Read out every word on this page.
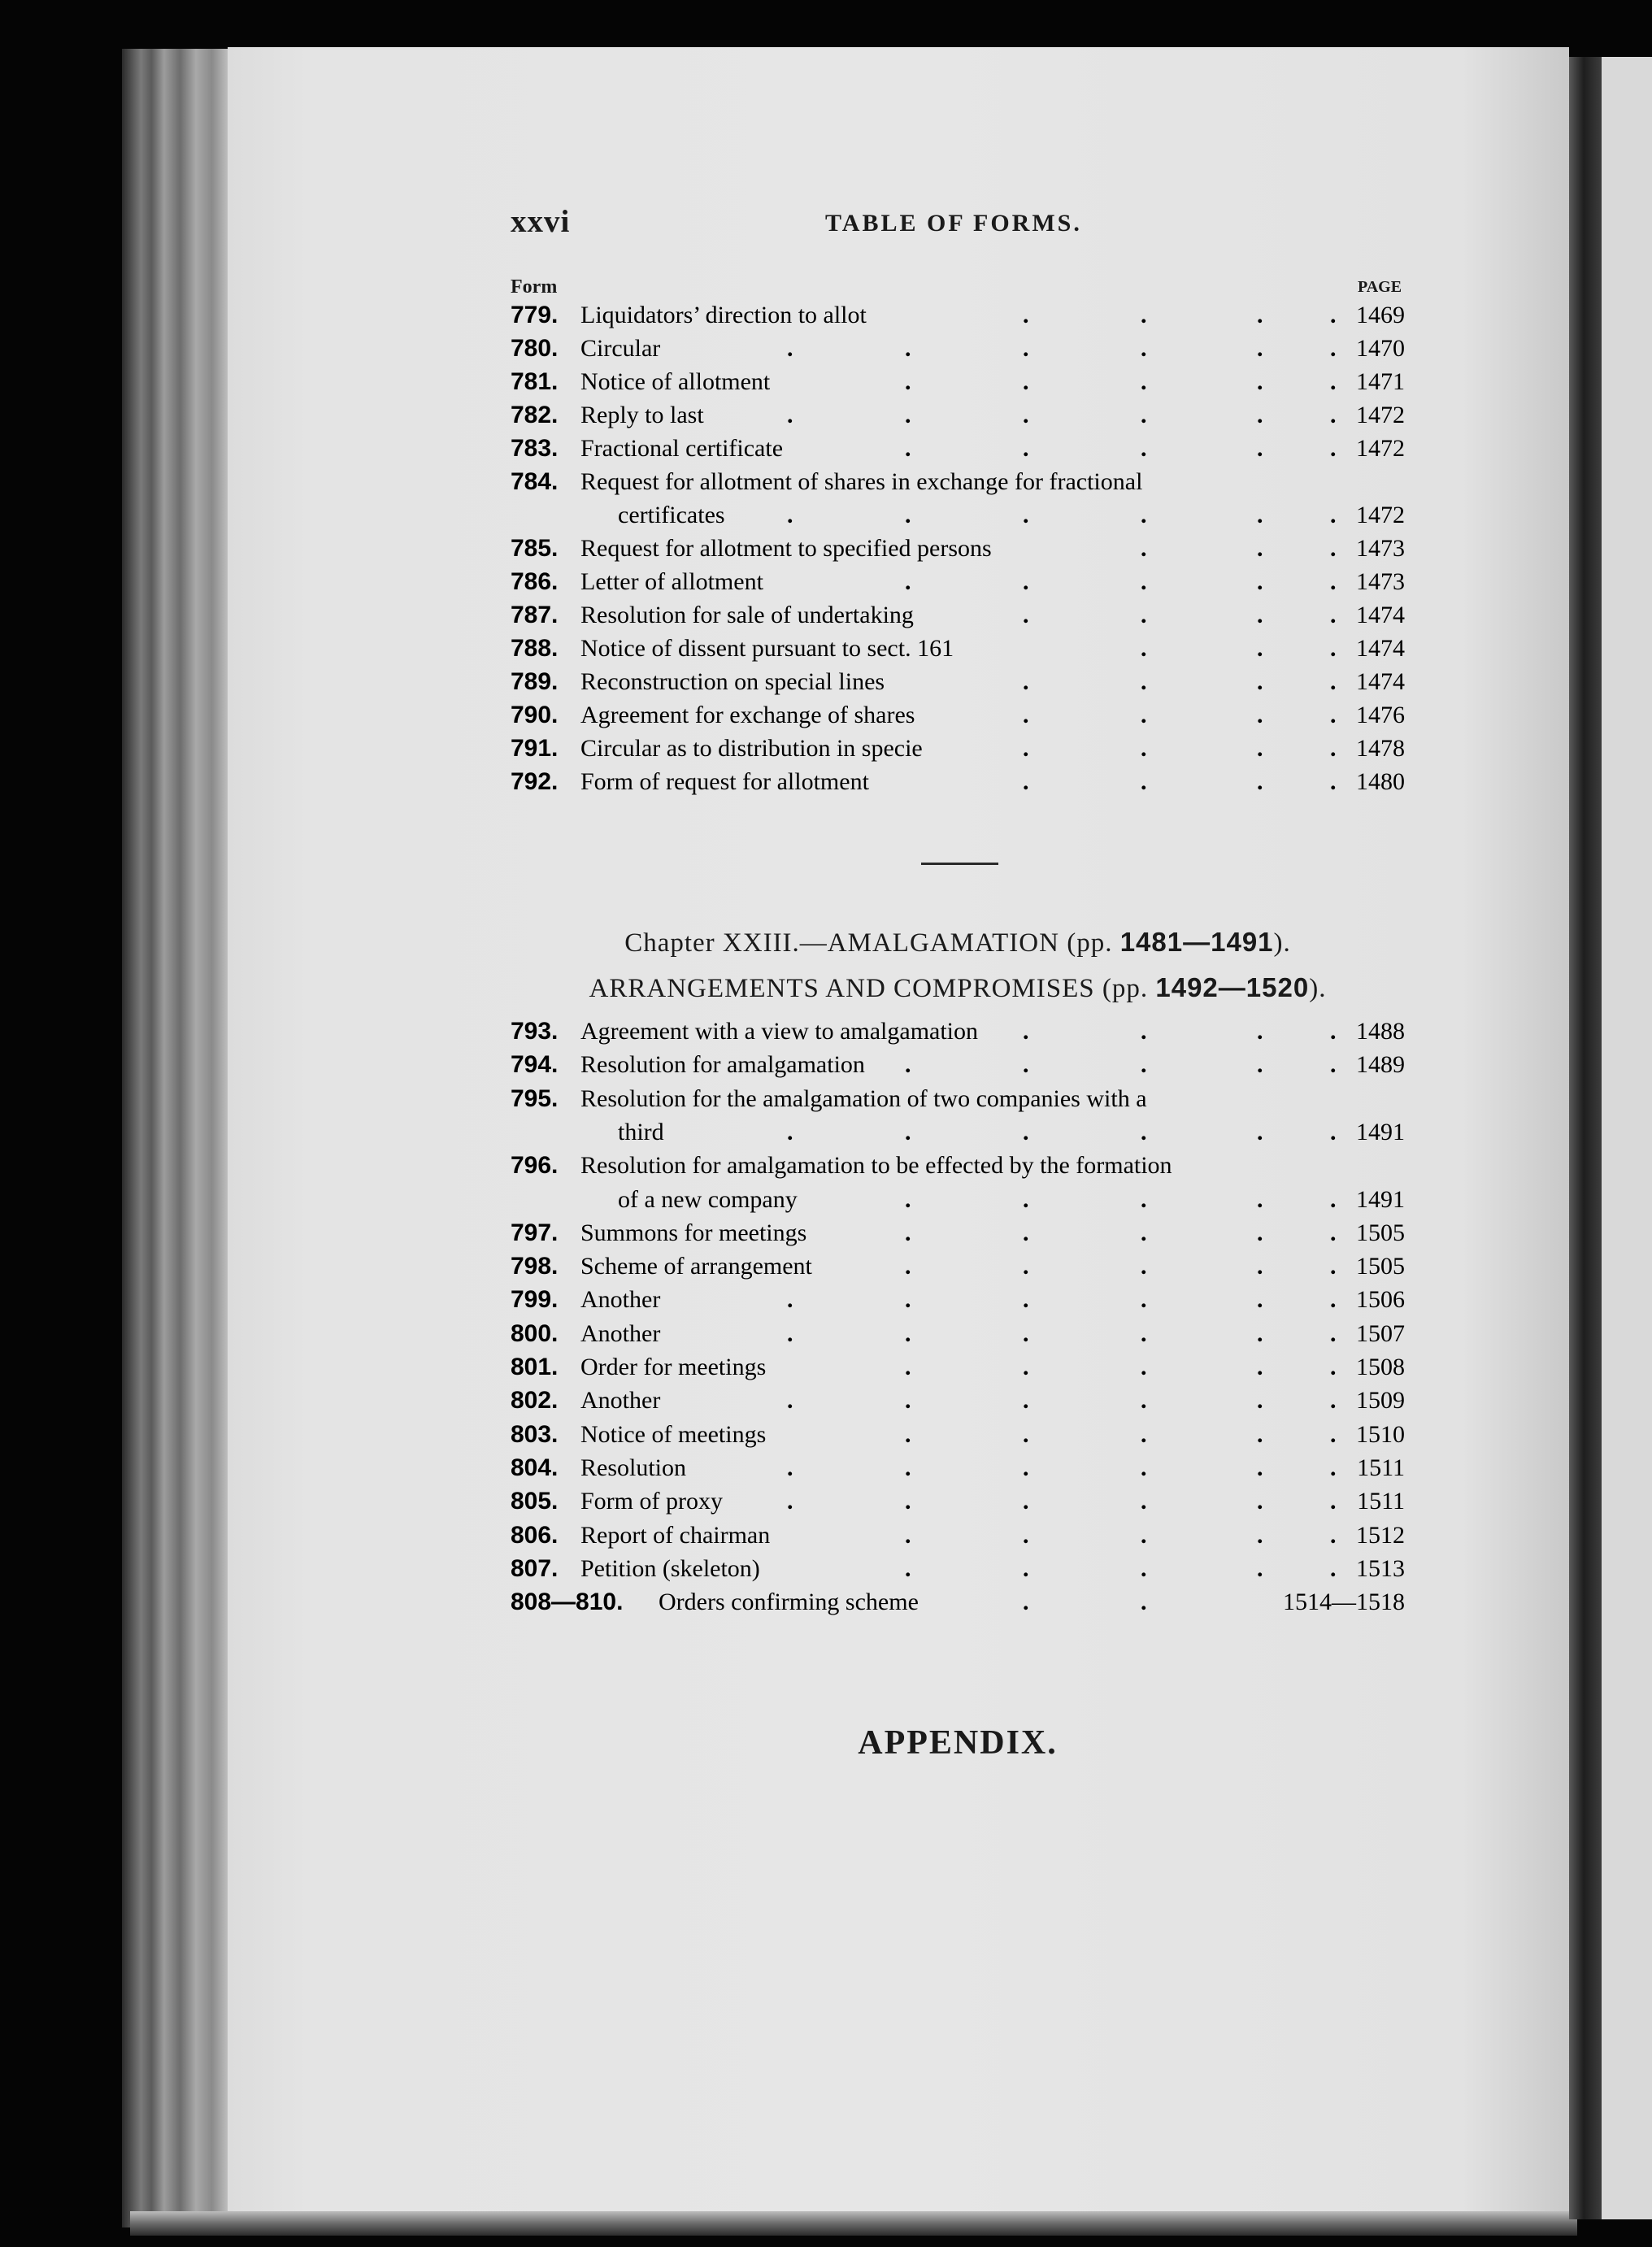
xxvi	TABLE OF FORMS.
Form	PAGE
779. Liquidators’ direction to allot	.	.	.	. 1469
780. Circular	.	.	.	.	.	. 1470
781. Notice of allotment	.	.	.	.	. 1471
782. Reply to last	.	.	.	.	.	. 1472
783. Fractional certificate	.	.	.	.	. 1472
784. Request for allotment of shares in exchange for fractional
certificates	.	.	.	.	.	. 1472
785. Request for allotment to specified persons	.	.	. 1473
786. Letter of allotment	.	.	.	.	. 1473
787. Resolution for sale of undertaking	.	.	.	. 1474
788. Notice of dissent pursuant to sect. 161	.	.	. 1474
789. Reconstruction on special lines	.	.	.	. 1474
790. Agreement for exchange of shares	.	.	.	. 1476
791. Circular as to distribution in specie	.	.	.	. 1478
792. Form of request for allotment	.	.	.	. 1480
Chapter XXIII.—AMALGAMATION (pp. 1481—1491).
ARRANGEMENTS AND COMPROMISES (pp. 1492—1520).
793. Agreement with a view to amalgamation .	.	.	. 1488
794. Resolution for amalgamation .	.	.	.	. 1489
795. Resolution for the amalgamation of two companies with a
third	.	.	.	.	.	. 1491
796. Resolution for amalgamation to be effected by the formation
of a new company	.	.	.	.	. 1491
797. Summons for meetings	.	.	.	.	. 1505
798. Scheme of arrangement	.	.	.	.	. 1505
799. Another	.	.	.	.	.	. 1506
800. Another	.	.	.	.	.	. 1507
801. Order for meetings	.	.	.	.	. 1508
802. Another	.	.	.	.	.	. 1509
803. Notice of meetings	.	.	.	.	. 1510
804. Resolution	.	.	.	.	.	. 1511
805. Form of proxy	.	.	.	.	.	. 1511
806. Report of chairman	.	.	.	.	. 1512
807. Petition (skeleton)	.	.	.	.	. 1513
808—810. Orders confirming scheme	.	.	1514—1518
APPENDIX.
